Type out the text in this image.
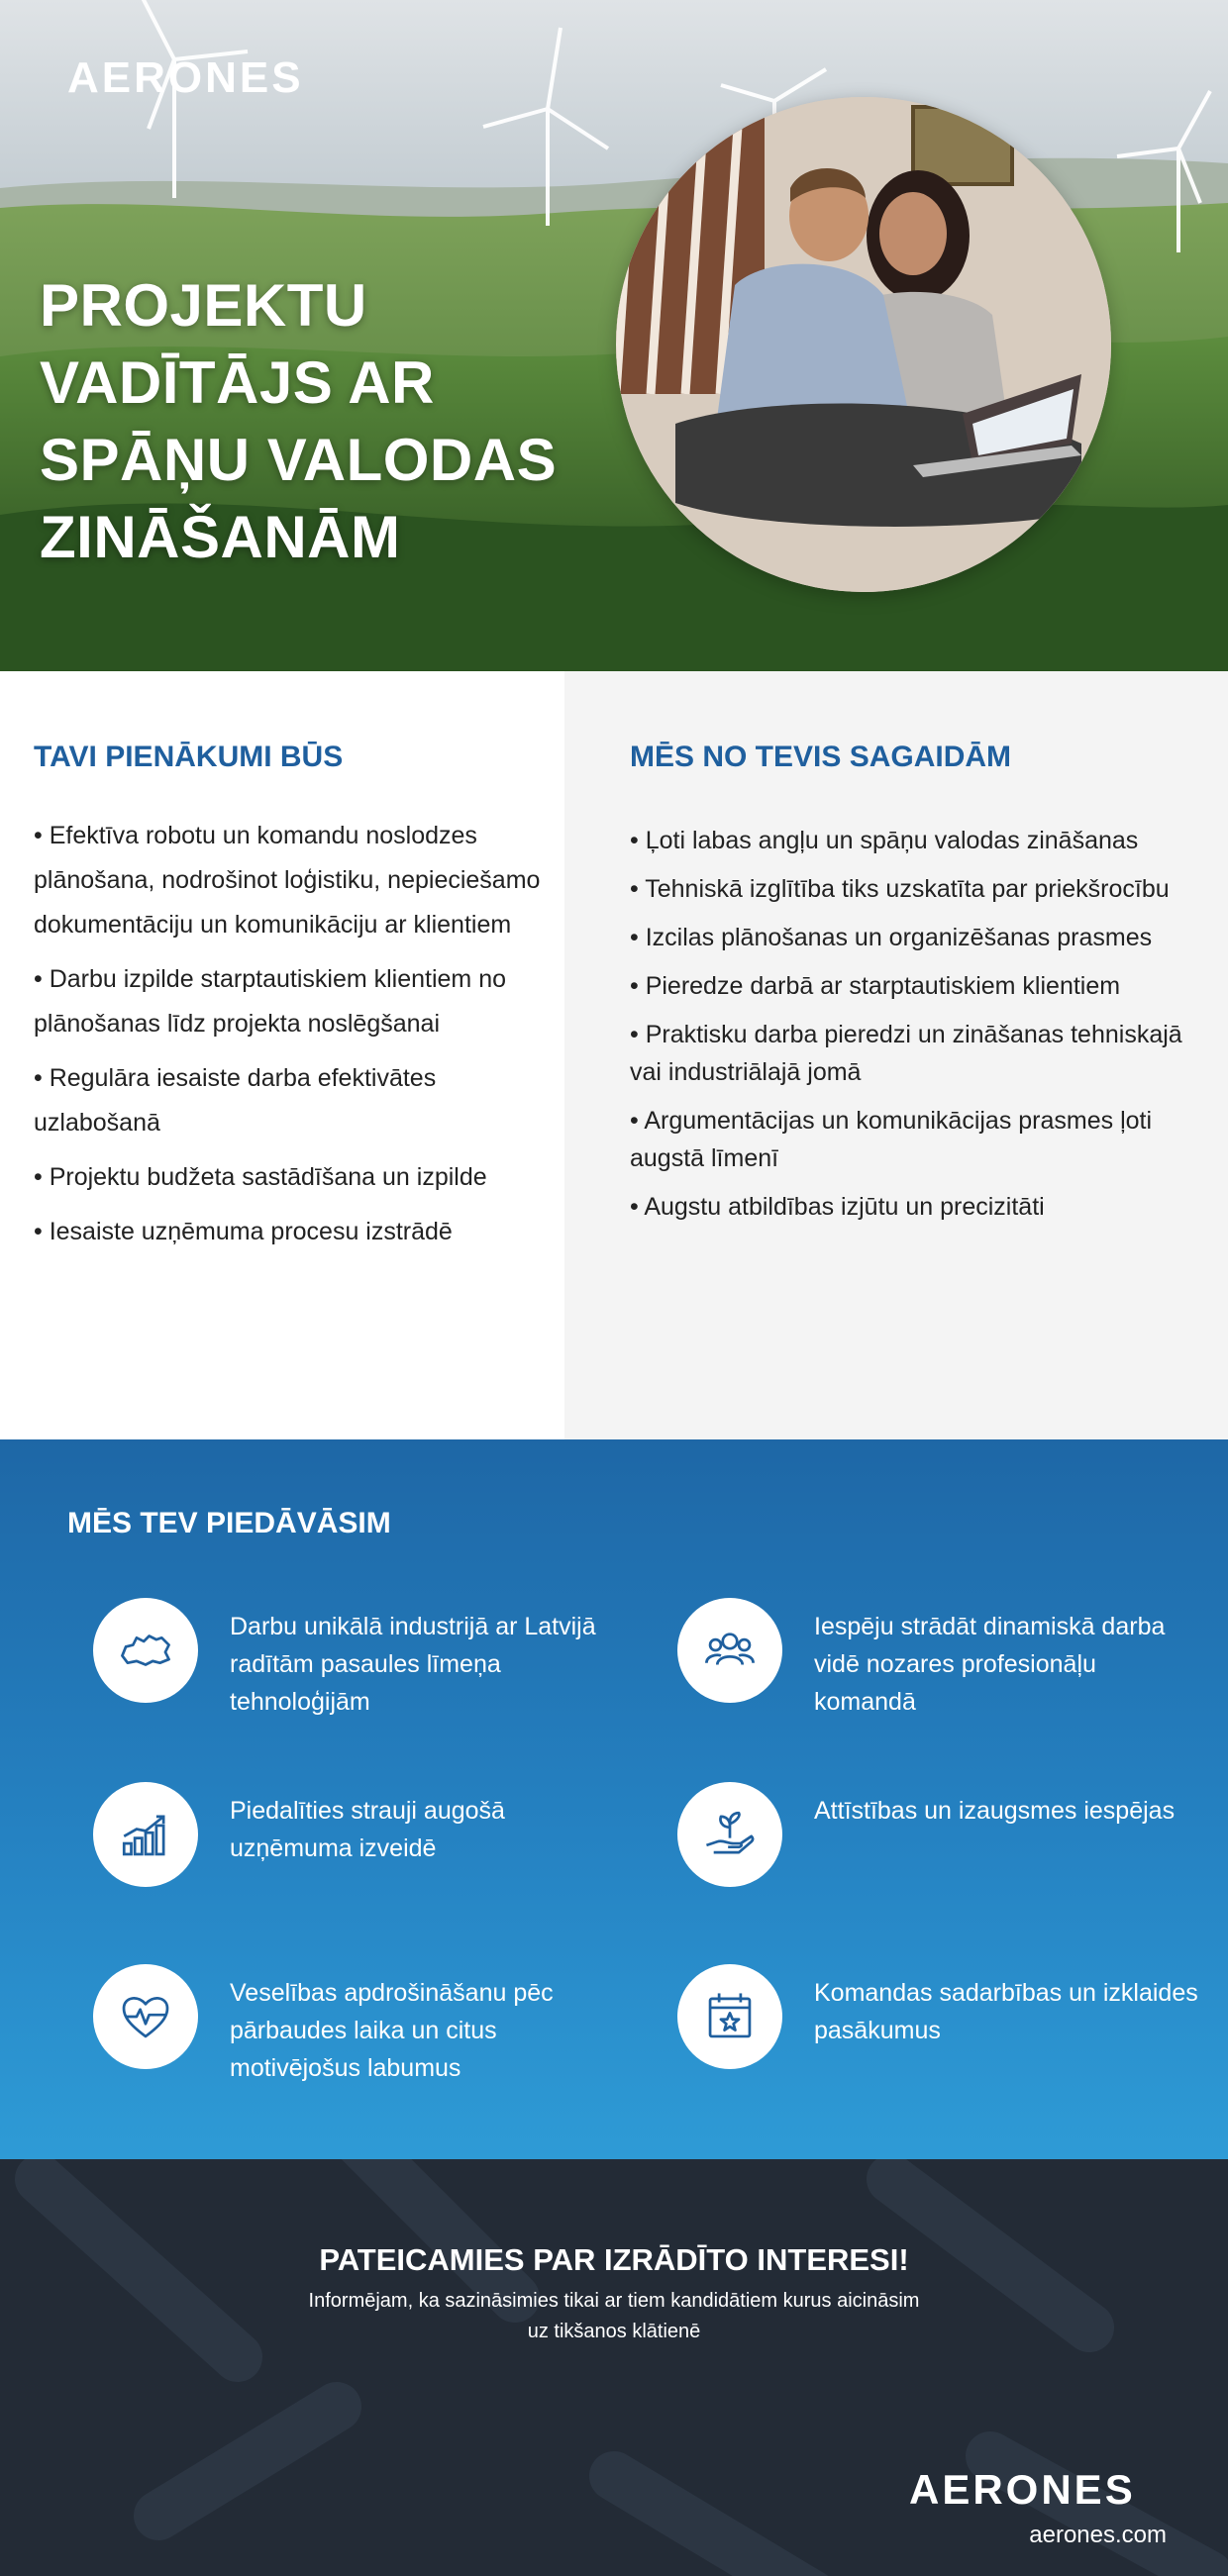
AERONES
PROJEKTU
VADĪTĀJS AR
SPĀŅU VALODAS
ZINĀŠANĀM
TAVI PIENĀKUMI BŪS
• Efektīva robotu un komandu noslodzes plānošana, nodrošinot loģistiku, nepieciešamo dokumentāciju un komunikāciju ar klientiem
• Darbu izpilde starptautiskiem klientiem no plānošanas līdz projekta noslēgšanai
• Regulāra iesaiste darba efektivātes uzlabošanā
• Projektu budžeta sastādīšana un izpilde
• Iesaiste uzņēmuma procesu izstrādē
MĒS NO TEVIS SAGAIDĀM
• Ļoti labas angļu un spāņu valodas zināšanas
• Tehniskā izglītība tiks uzskatīta par priekšrocību
• Izcilas plānošanas un organizēšanas prasmes
• Pieredze darbā ar starptautiskiem klientiem
• Praktisku darba pieredzi un zināšanas tehniskajā vai industriālajā jomā
• Argumentācijas un komunikācijas prasmes ļoti augstā līmenī
• Augstu atbildības izjūtu un precizitāti
MĒS TEV PIEDĀVĀSIM
Darbu unikālā industrijā ar Latvijā radītām pasaules līmeņa tehnoloģijām
Iespēju strādāt dinamiskā darba vidē nozares profesionāļu komandā
Piedalīties strauji augošā uzņēmuma izveidē
Attīstības un izaugsmes iespējas
Veselības apdrošināšanu pēc pārbaudes laika un citus motivējošus labumus
Komandas sadarbības un izklaides pasākumus
PATEICAMIES PAR IZRĀDĪTO INTERESI!

Informējam, ka sazināsimies tikai ar tiem kandidātiem kurus aicināsim uz tikšanos klātienē

AERONES
aerones.com
